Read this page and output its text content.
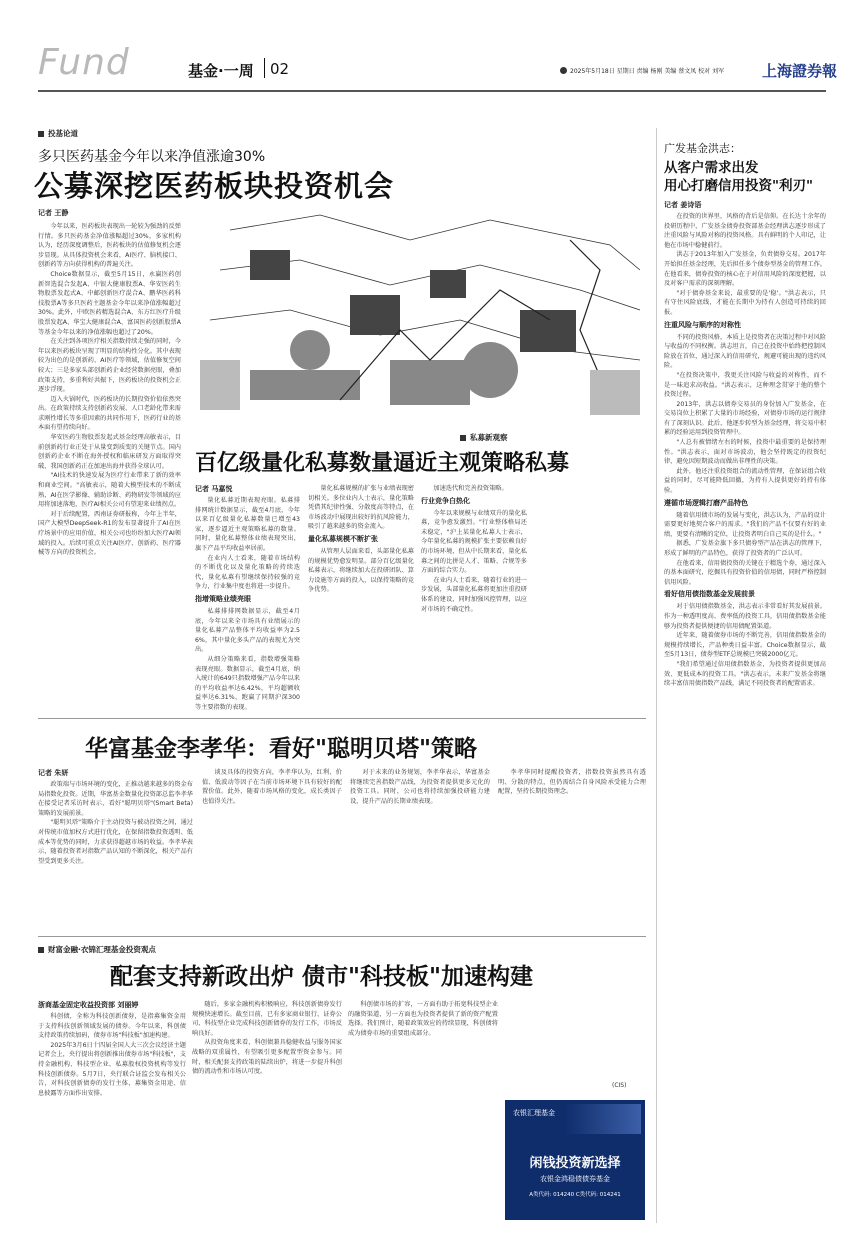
Fund	基金·一周 02	2025年5月18日 星期日 责编 杨刚 美编 蔡文凤 校对 刘军	上海證券報
投基论道
多只医药基金今年以来净值涨逾30%
公募深挖医药板块投资机会
记者 王静

今年以来，医药板块表现出一轮较为强劲的反弹行情。多只医药基金净值涨幅超过30%，多家机构认为，经历深度调整后，医药板块的估值修复机会逐步显现。从具体投资机会来看，AI医疗、脑机接口、创新药等方向获得机构的普遍关注。

Choice数据显示，截至5月15日，永赢医药创新智选混合发起A、中银大健康股票A、华安医药生物股票发起式A、中邮创新医疗混合A、鹏华医药科技股票A等多只医药主题基金今年以来净值涨幅超过30%。此外，中欧医药精选混合A、东方红医疗升级股票发起A、华宝大健康混合A、富国医药创新股票A等基金今年以来的净值涨幅也超过了20%。

在关注到各项医疗相关指数持续走强的同时，今年以来医药板块呈现了明显的结构性分化。其中表现较为出色的是创新药、AI医疗等领域，估值修复空间较大；三是多家头部创新药企业经营数据亮眼，叠加政策支持，多重利好共振下，医药板块的投资机会正逐步浮现。

迈入火锅时代，医药板块的长期投资价值依然突出。在政策持续支持创新药发展、人口老龄化带来需求刚性增长等多重因素的共同作用下，医药行业的基本面有望持续向好。

华安医药生物股票发起式基金经理高敏表示，目前创新药行业正处于从量变到质变的关键节点。国内创新药企业不断在海外授权和临床研发方面取得突破，我国创新药正在加速出海并获得全球认可。

"AI技术的快速发展为医疗行业带来了新的效率和商业空间。"高敏表示，随着大模型技术的不断成熟，AI在医学影像、辅助诊断、药物研发等领域的应用将加速落地，医疗AI相关公司有望迎来业绩拐点。

对于后续配置，西南证券研报称，今年上半年，国产大模型DeepSeek-R1的发布显著提升了AI在医疗场景中的应用价值，相关公司也纷纷加大医疗AI领域的投入。后续可重点关注AI医疗、创新药、医疗器械等方向的投资机会。

私募新观察
百亿级量化私募数量逼近主观策略私募
记者 马嘉悦

量化私募近期表现亮眼。私募排排网统计数据显示，截至4月底，今年以来百亿级量化私募数量已增至43家，逐步逼近主观策略私募的数量。同时，量化私募整体业绩表现突出，旗下产品平均收益率居前。

在业内人士看来，随着市场结构的不断优化以及量化策略的持续迭代，量化私募有望继续保持较强的竞争力，行业集中度也将进一步提升。

指增策略业绩亮眼

私募排排网数据显示，截至4月底，今年以来全市场具有业绩展示的量化私募产品整体平均收益率为2.56%，其中量化多头产品的表现尤为突出。

从细分策略来看，指数增强策略表现亮眼。数据显示，截至4月底，纳入统计的649只指数增强产品今年以来的平均收益率达6.42%，平均超额收益率达6.31%，跑赢了同期沪深300等主要指数的表现。

量化私募规模的扩张与业绩表现密切相关。多位业内人士表示，量化策略凭借其纪律性强、分散度高等特点，在市场波动中展现出较好的抗风险能力，吸引了越来越多的资金流入。

量化私募规模不断扩张

从管理人层面来看，头部量化私募的规模优势愈发明显。部分百亿级量化私募表示，将继续加大在投研团队、算力设施等方面的投入，以保持策略的竞争优势。

加速迭代和完善投资策略。

行业竞争白热化

今年以来规模与业绩双升的量化私募，竞争愈发激烈。"行业整体格局还未稳定，"沪上某量化私募人士表示，今年量化私募的规模扩张主要依赖良好的市场环境，但从中长期来看，量化私募之间的比拼是人才、策略、合规等多方面的综合实力。

在业内人士看来，随着行业的进一步发展，头部量化私募将更加注重投研体系的建设，同时加强风控管理，以应对市场的不确定性。

华富基金李孝华：看好"聪明贝塔"策略
记者 朱妍

政策端与市场环境的变化，正推动越来越多的资金布局指数化投资。近期，华富基金数量化投资部总监李孝华在接受记者采访时表示，看好"聪明贝塔"(Smart Beta)策略的发展前景。

"聪明贝塔"策略介于主动投资与被动投资之间，通过对传统市值加权方式进行优化，在保留指数投资透明、低成本等优势的同时，力求获得超越市场的收益。李孝华表示，随着投资者对指数产品认知的不断深化，相关产品有望受到更多关注。

谈及具体的投资方向，李孝华认为，红利、价值、低波动等因子在当前市场环境下具有较好的配置价值。此外，随着市场风格的变化，成长类因子也值得关注。

对于未来的业务规划，李孝华表示，华富基金将继续完善指数产品线，为投资者提供更多元化的投资工具。同时，公司也将持续加强投研能力建设，提升产品的长期业绩表现。

李孝华同时提醒投资者，指数投资虽然具有透明、分散的特点，但仍需结合自身风险承受能力合理配置，坚持长期投资理念。

财富金融·衣锦汇理基金投资观点
配套支持新政出炉 债市"科技板"加速构建
浙商基金固定收益投资部 刘丽婷

科创债，全称为科技创新债券，是指募集资金用于支持科技创新领域发展的债券。今年以来，科创债支持政策持续加码，债券市场"科技板"加速构建。

2025年3月6日十四届全国人大三次会议经济主题记者会上，央行提出将创新推出债券市场"科技板"，支持金融机构、科技型企业、私募股权投资机构等发行科技创新债券。5月7日，央行联合证监会发布相关公告，对科技创新债券的发行主体、募集资金用途、信息披露等方面作出安排。

随后，多家金融机构积极响应，科技创新债券发行规模快速增长。截至目前，已有多家商业银行、证券公司、科技型企业完成科技创新债券的发行工作，市场反响良好。

从投资角度来看，科创债兼具稳健收益与服务国家战略的双重属性，有望吸引更多配置型资金参与。同时，相关配套支持政策的陆续出炉，将进一步提升科创债的流动性和市场认可度。

科创债市场的扩容，一方面有助于拓宽科技型企业的融资渠道，另一方面也为投资者提供了新的资产配置选择。我们预计，随着政策效应的持续显现，科创债将成为债券市场的重要组成部分。

(CIS)
农银汇理基金
闲钱投资新选择
农银金鸿稳债债券基金
A类代码: 014240 C类代码: 014241
广发基金洪志：
从客户需求出发
用心打磨信用投资"利刃"
记者 姜诗语

在投资的世界里，风格的背后是信仰。在长达十余年的投研历程中，广发基金债券投资部基金经理洪志逐步形成了注重风险与风险对称的投资风格。具有鲜明的个人印记，让他在市场中稳健前行。

洪志于2013年加入广发基金，负责债券交易。2017年开始担任基金经理，先后担任多个债券型基金的管理工作。在他看来，债券投资的核心在于对信用风险的深度把握，以及对客户需求的深刻理解。

"对于债券基金来说，最重要的是'稳'。"洪志表示，只有守住风险底线，才能在长期中为持有人创造可持续的回报。

注重风险与顺序的对称性

不同的投资风格，本质上是投资者在决策过程中对风险与收益的不同权衡。洪志坦言，自己在投资中始终把控制风险放在首位，通过深入的信用研究，规避可能出现的违约风险。

"在投资决策中，我更关注风险与收益的对称性，而不是一味追求高收益。"洪志表示，这种理念贯穿于他的整个投资过程。

2013年，洪志以债券交易员的身份加入广发基金，在交易岗位上积累了大量的市场经验，对债券市场的运行规律有了深刻认识。此后，他逐步转型为基金经理，将交易中积累的经验运用到投资管理中。

"人总有被情绪左右的时候，投资中最重要的是保持理性。"洪志表示，面对市场波动，他会坚持既定的投资纪律，避免因短期波动而做出非理性的决策。

此外，他还注重投资组合的流动性管理，在保证组合收益的同时，尽可能降低回撤，为持有人提供更好的持有体验。

遵循市场逻辑打磨产品特色

随着信用债市场的发展与变化，洪志认为，产品的设计需要更好地契合客户的需求。"我们的产品不仅要有好的业绩，更要有清晰的定位，让投资者明白自己买的是什么。"

据悉，广发基金旗下多只债券型产品在洪志的管理下，形成了鲜明的产品特色，获得了投资者的广泛认可。

在他看来，信用债投资的关键在于精选个券，通过深入的基本面研究，挖掘具有投资价值的信用债，同时严格控制信用风险。

看好信用债指数基金发展前景

对于信用债指数基金，洪志表示非常看好其发展前景。作为一种透明度高、费率低的投资工具，信用债指数基金能够为投资者提供便捷的信用债配置渠道。

近年来，随着债券市场的不断完善，信用债指数基金的规模持续增长，产品种类日益丰富。Choice数据显示，截至5月13日，债券型ETF总规模已突破2000亿元。

"我们希望通过信用债指数基金，为投资者提供更加高效、更低成本的投资工具。"洪志表示，未来广发基金将继续丰富信用债指数产品线，满足不同投资者的配置需求。
